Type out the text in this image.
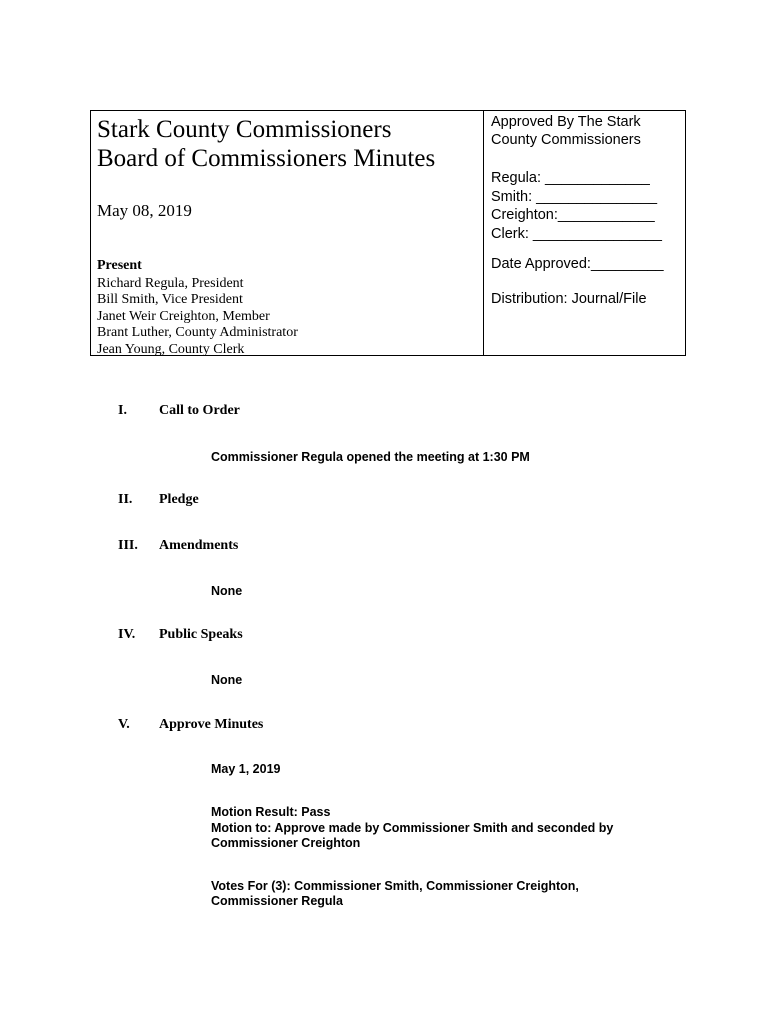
Stark County Commissioners
Board of Commissioners Minutes
May 08, 2019
Present
Richard Regula, President
Bill Smith, Vice President
Janet Weir Creighton, Member
Brant Luther, County Administrator
Jean Young, County Clerk
Approved By The Stark
County Commissioners
Regula: _____________
Smith: _______________
Creighton:____________
Clerk: ________________
Date Approved:_________
Distribution: Journal/File
I. Call to Order
Commissioner Regula opened the meeting at 1:30 PM
II. Pledge
III. Amendments
None
IV. Public Speaks
None
V. Approve Minutes
May 1, 2019
Motion Result: Pass
Motion to: Approve made by Commissioner Smith and seconded by
Commissioner Creighton
Votes For (3): Commissioner Smith, Commissioner Creighton,
Commissioner Regula
